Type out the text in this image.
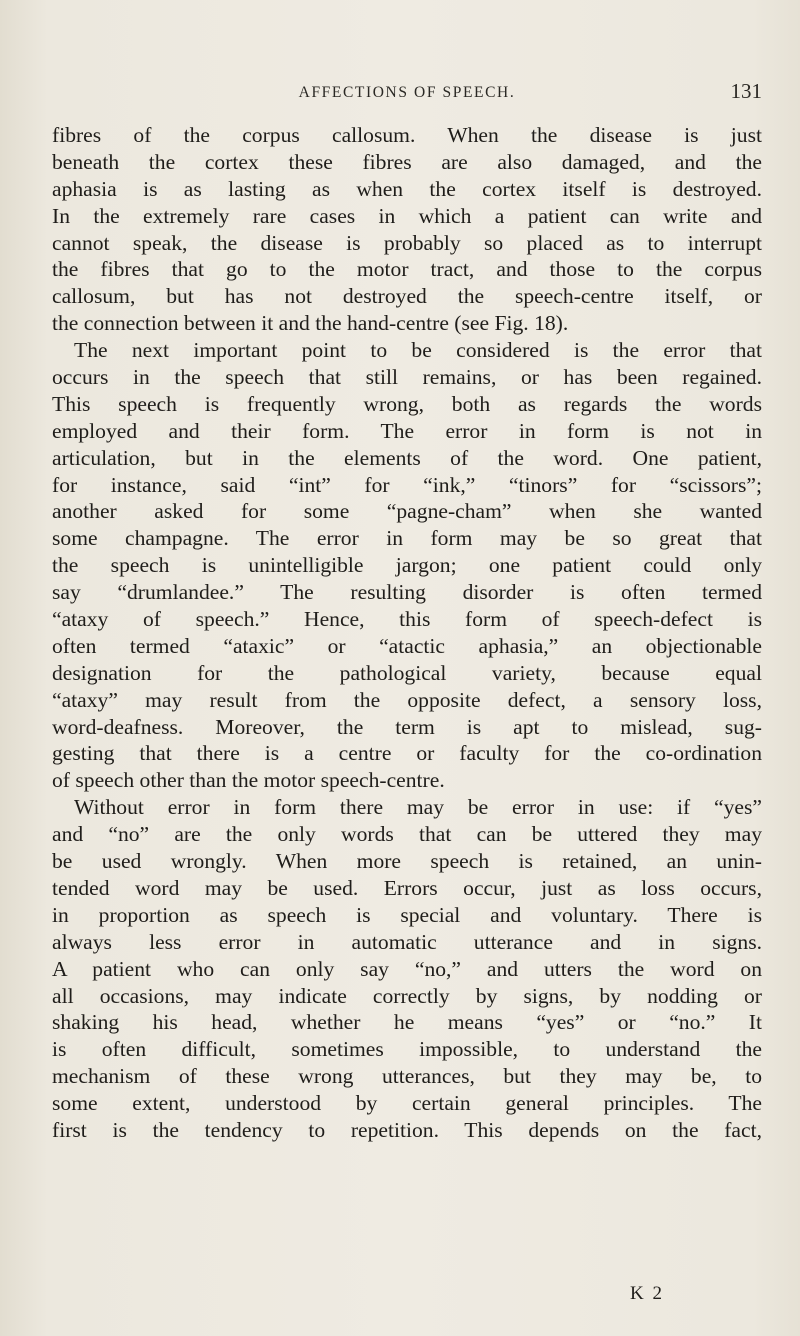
AFFECTIONS OF SPEECH.	131
fibres of the corpus callosum. When the disease is just
beneath the cortex these fibres are also damaged, and the
aphasia is as lasting as when the cortex itself is destroyed.
In the extremely rare cases in which a patient can write and
cannot speak, the disease is probably so placed as to interrupt
the fibres that go to the motor tract, and those to the corpus
callosum, but has not destroyed the speech-centre itself, or
the connection between it and the hand-centre (see Fig. 18).
The next important point to be considered is the error that
occurs in the speech that still remains, or has been regained.
This speech is frequently wrong, both as regards the words
employed and their form. The error in form is not in
articulation, but in the elements of the word. One patient,
for instance, said “int” for “ink,” “tinors” for “scissors”;
another asked for some “pagne-cham” when she wanted
some champagne. The error in form may be so great that
the speech is unintelligible jargon; one patient could only
say “drumlandee.” The resulting disorder is often termed
“ataxy of speech.” Hence, this form of speech-defect is
often termed “ataxic” or “atactic aphasia,” an objectionable
designation for the pathological variety, because equal
“ataxy” may result from the opposite defect, a sensory loss,
word-deafness. Moreover, the term is apt to mislead, sug-
gesting that there is a centre or faculty for the co-ordination
of speech other than the motor speech-centre.
Without error in form there may be error in use: if “yes”
and “no” are the only words that can be uttered they may
be used wrongly. When more speech is retained, an unin-
tended word may be used. Errors occur, just as loss occurs,
in proportion as speech is special and voluntary. There is
always less error in automatic utterance and in signs.
A patient who can only say “no,” and utters the word on
all occasions, may indicate correctly by signs, by nodding or
shaking his head, whether he means “yes” or “no.” It
is often difficult, sometimes impossible, to understand the
mechanism of these wrong utterances, but they may be, to
some extent, understood by certain general principles. The
first is the tendency to repetition. This depends on the fact,
K 2
